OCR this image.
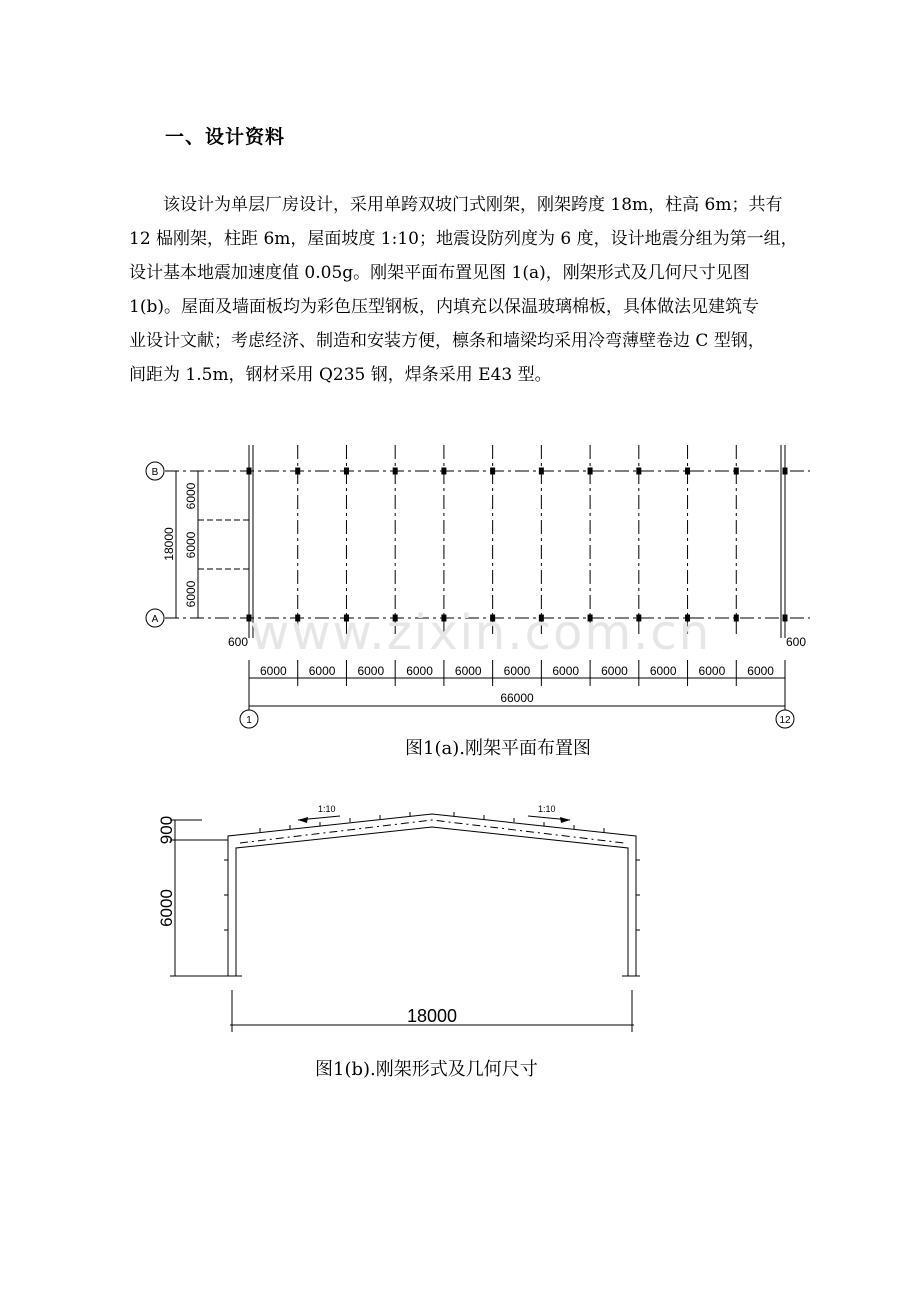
一、设计资料
该设计为单层厂房设计，采用单跨双坡门式刚架，刚架跨度 18m，柱高 6m；共有
12 榀刚架，柱距 6m，屋面坡度 1:10；地震设防列度为 6 度，设计地震分组为第一组，
设计基本地震加速度值 0.05g。刚架平面布置见图 1(a)，刚架形式及几何尺寸见图
1(b)。屋面及墙面板均为彩色压型钢板，内填充以保温玻璃棉板，具体做法见建筑专
业设计文献；考虑经济、制造和安装方便，檩条和墙梁均采用冷弯薄壁卷边 C 型钢，
间距为 1.5m，钢材采用 Q235 钢，焊条采用 E43 型。
B
A
1	12
18000
6000
6000
6000
600	600
6000 6000 6000 6000 6000 6000 6000 6000 6000 6000 6000
66000
www.zixin.com.cn
图1(a).刚架平面布置图
1:10	1:10
900
6000
18000
图1(b).刚架形式及几何尺寸
